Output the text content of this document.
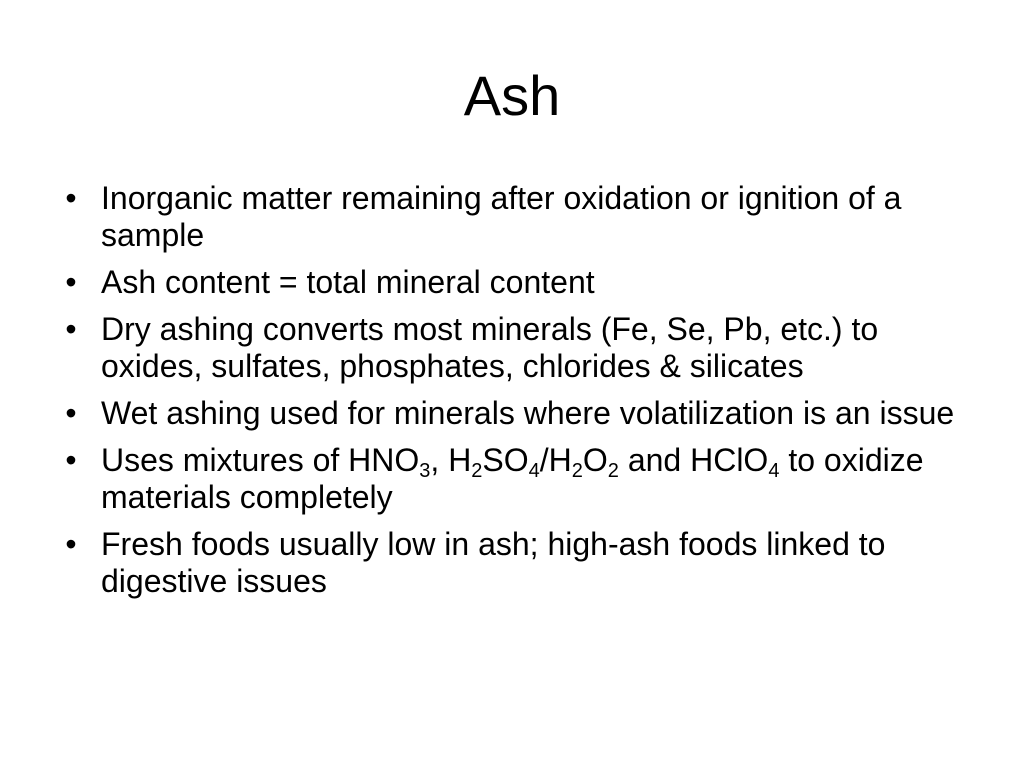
Ash
• Inorganic matter remaining after oxidation or ignition of a sample
• Ash content = total mineral content
• Dry ashing converts most minerals (Fe, Se, Pb, etc.) to oxides, sulfates, phosphates, chlorides & silicates
• Wet ashing used for minerals where volatilization is an issue
• Uses mixtures of $HNO_3$, $H_2SO_4/H_2O_2$ and HClO$_4$ to oxidize materials completely
• Fresh foods usually low in ash; high-ash foods linked to digestive issues
